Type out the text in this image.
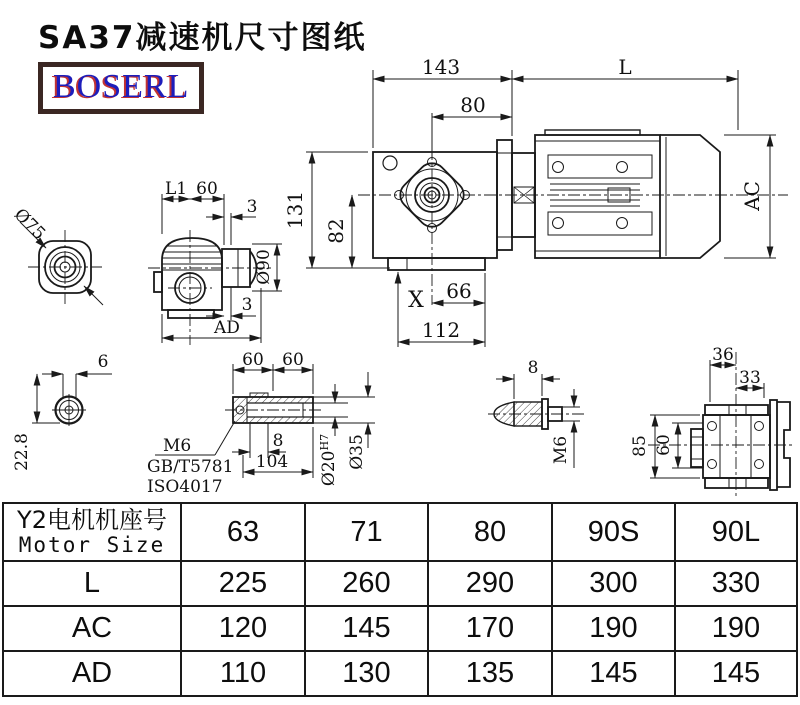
SA37减速机尺寸图纸
BOSERL
143	L
80
131
82
AC
X 66
112
Ø75
L1 60
3
Ø90
3
AD
6
22.8
60 60
M6
GB/T5781
ISO4017
8
104 $Ø20^{H7}$ Ø35
8
M6
36
33
85 60
Y2电机机座号
Motor Size	63	71	80	90S	90L
L	225	260	290	300	330
AC	120	145	170	190	190
AD	110	130	135	145	145
